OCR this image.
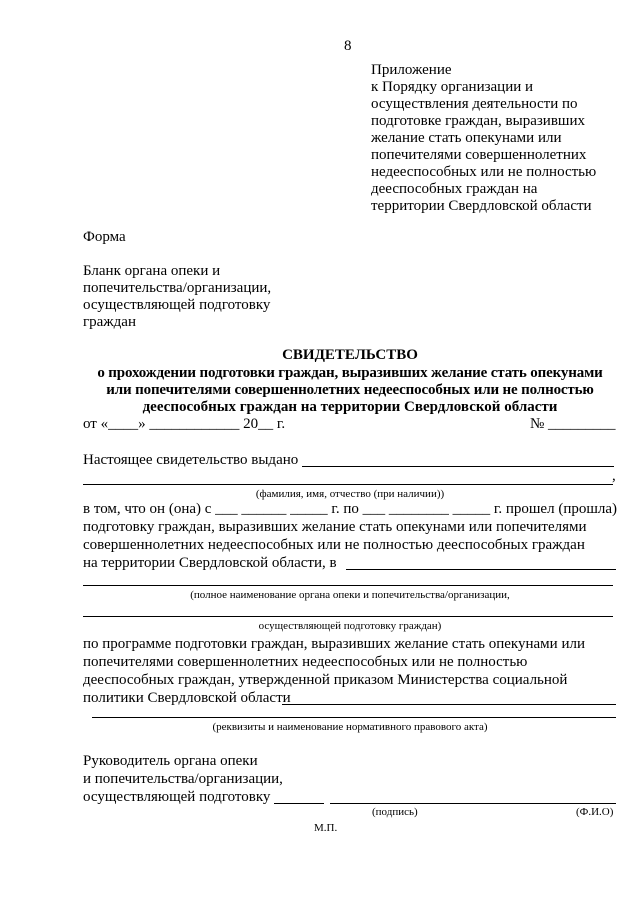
8
Приложение
к Порядку организации и
осуществления деятельности по
подготовке граждан, выразивших
желание стать опекунами или
попечителями совершеннолетних
недееспособных или не полностью
дееспособных граждан на
территории Свердловской области
Форма
Бланк органа опеки и
попечительства/организации,
осуществляющей подготовку
граждан
СВИДЕТЕЛЬСТВО
о прохождении подготовки граждан, выразивших желание стать опекунами
или попечителями совершеннолетних недееспособных или не полностью
дееспособных граждан на территории Свердловской области
от «____» ____________ 20__ г.	№ _________
Настоящее свидетельство выдано
,
(фамилия, имя, отчество (при наличии))
в том, что он (она) с ___ ______ _____ г. по ___ ________ _____ г. прошел (прошла)
подготовку граждан, выразивших желание стать опекунами или попечителями
совершеннолетних недееспособных или не полностью дееспособных граждан
на территории Свердловской области, в
(полное наименование органа опеки и попечительства/организации,
осуществляющей подготовку граждан)
по программе подготовки граждан, выразивших желание стать опекунами или
попечителями совершеннолетних недееспособных или не полностью
дееспособных граждан, утвержденной приказом Министерства социальной
политики Свердловской области
(реквизиты и наименование нормативного правового акта)
Руководитель органа опеки
и попечительства/организации,
осуществляющей подготовку
(подпись)	(Ф.И.О)
М.П.
